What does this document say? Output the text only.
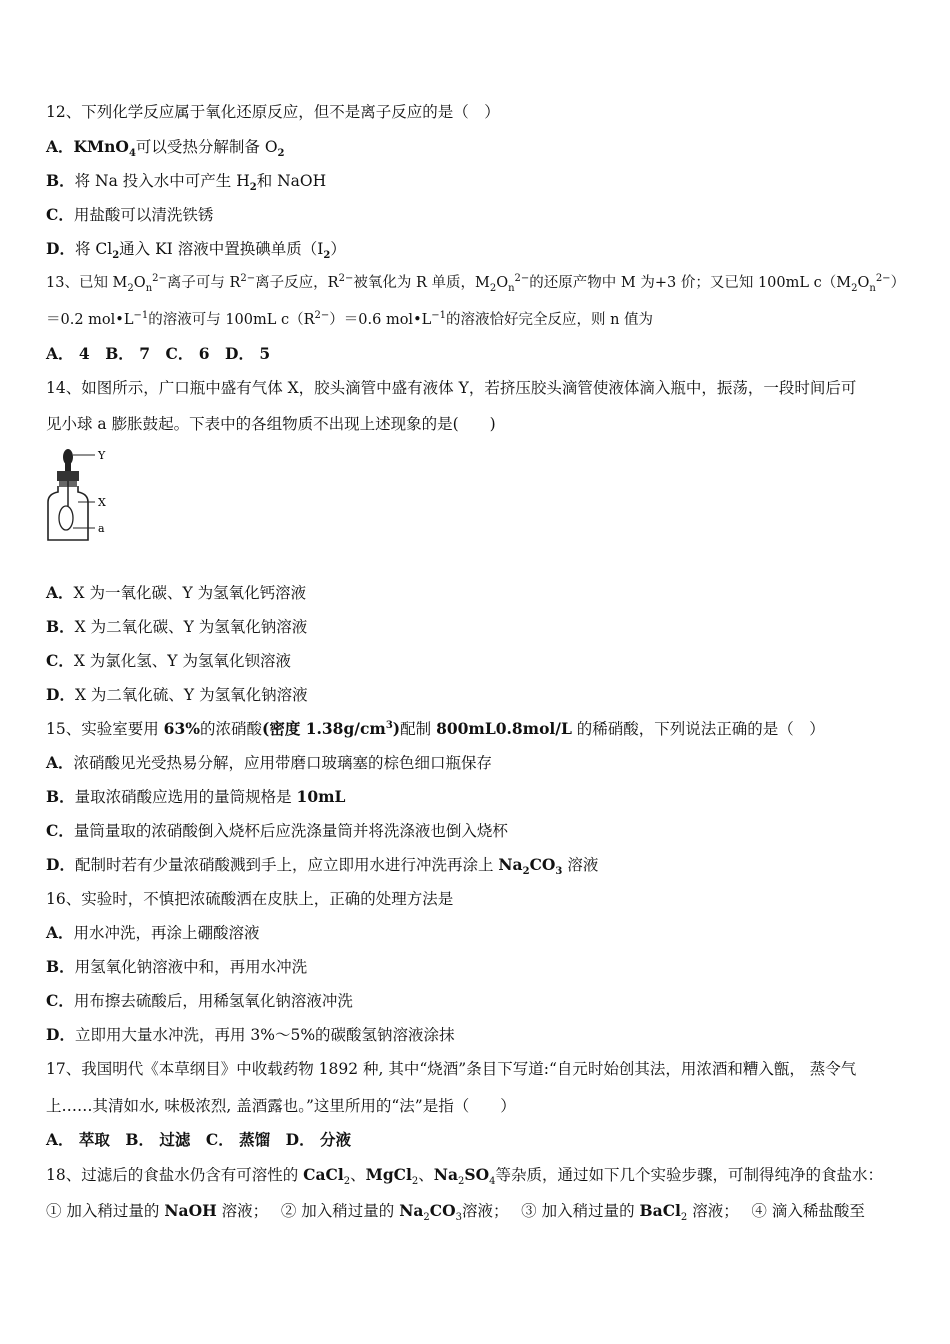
12、下列化学反应属于氧化还原反应，但不是离子反应的是（　）
A．KMnO$_4$可以受热分解制备 $O_2$
B．将 Na 投入水中可产生 $H_2$和 NaOH
C．用盐酸可以清洗铁锈
D．将 $Cl_2$通入 KI 溶液中置换碘单质$(I_2)$
13、已知 $M_2O_n^{2-}$离子可与 $R^{2-}$离子反应，$R^{2-}$被氧化为 R 单质，$M_2O_n^{2-}$的还原产物中 M 为+3 价；又已知 100mL $c(M_2O_n^{2-})$
＝0.2 $mol•L^{-1}$的溶液可与 100mL $c(R^{2-})=0.6$ $mol•L^{-1}$的溶液恰好完全反应，则 n 值为
A． 4　B． 7　C． 6　D． 5
14、如图所示，广口瓶中盛有气体 X，胶头滴管中盛有液体 Y，若挤压胶头滴管使液体滴入瓶中，振荡，一段时间后可
见小球 a 膨胀鼓起。下表中的各组物质不出现上述现象的是(　　)
Y
X
a
A．X 为一氧化碳、Y 为氢氧化钙溶液
B．X 为二氧化碳、Y 为氢氧化钠溶液
C．X 为氯化氢、Y 为氢氧化钡溶液
D．X 为二氧化硫、Y 为氢氧化钠溶液
15、实验室要用 63%的浓硝酸(密度 $1.38g/cm^3$)配制 800mL0.8mol/L 的稀硝酸，下列说法正确的是（　）
A．浓硝酸见光受热易分解，应用带磨口玻璃塞的棕色细口瓶保存
B．量取浓硝酸应选用的量筒规格是 10mL
C．量筒量取的浓硝酸倒入烧杯后应洗涤量筒并将洗涤液也倒入烧杯
D．配制时若有少量浓硝酸溅到手上，应立即用水进行冲洗再涂上 $Na_2CO_3$ 溶液
16、实验时，不慎把浓硫酸洒在皮肤上，正确的处理方法是
A．用水冲洗，再涂上硼酸溶液
B．用氢氧化钠溶液中和，再用水冲洗
C．用布擦去硫酸后，用稀氢氧化钠溶液冲洗
D．立即用大量水冲洗，再用 3%～5%的碳酸氢钠溶液涂抹
17、我国明代《本草纲目》中收载药物 1892 种, 其中“烧酒”条目下写道:“自元时始创其法，用浓酒和糟入甑， 蒸令气
上……其清如水, 味极浓烈, 盖酒露也。”这里所用的“法”是指（　　）
A． 萃取　B． 过滤　C． 蒸馏　D． 分液
18、过滤后的食盐水仍含有可溶性的 CaCl$_2$、MgCl$_2$、$Na_2SO_4$等杂质，通过如下几个实验步骤，可制得纯净的食盐水：
① 加入稍过量的 NaOH 溶液；　 ② 加入稍过量的 $Na_2CO_3$溶液；　 ③ 加入稍过量的 BaCl$_2$ 溶液；　 ④ 滴入稀盐酸至
